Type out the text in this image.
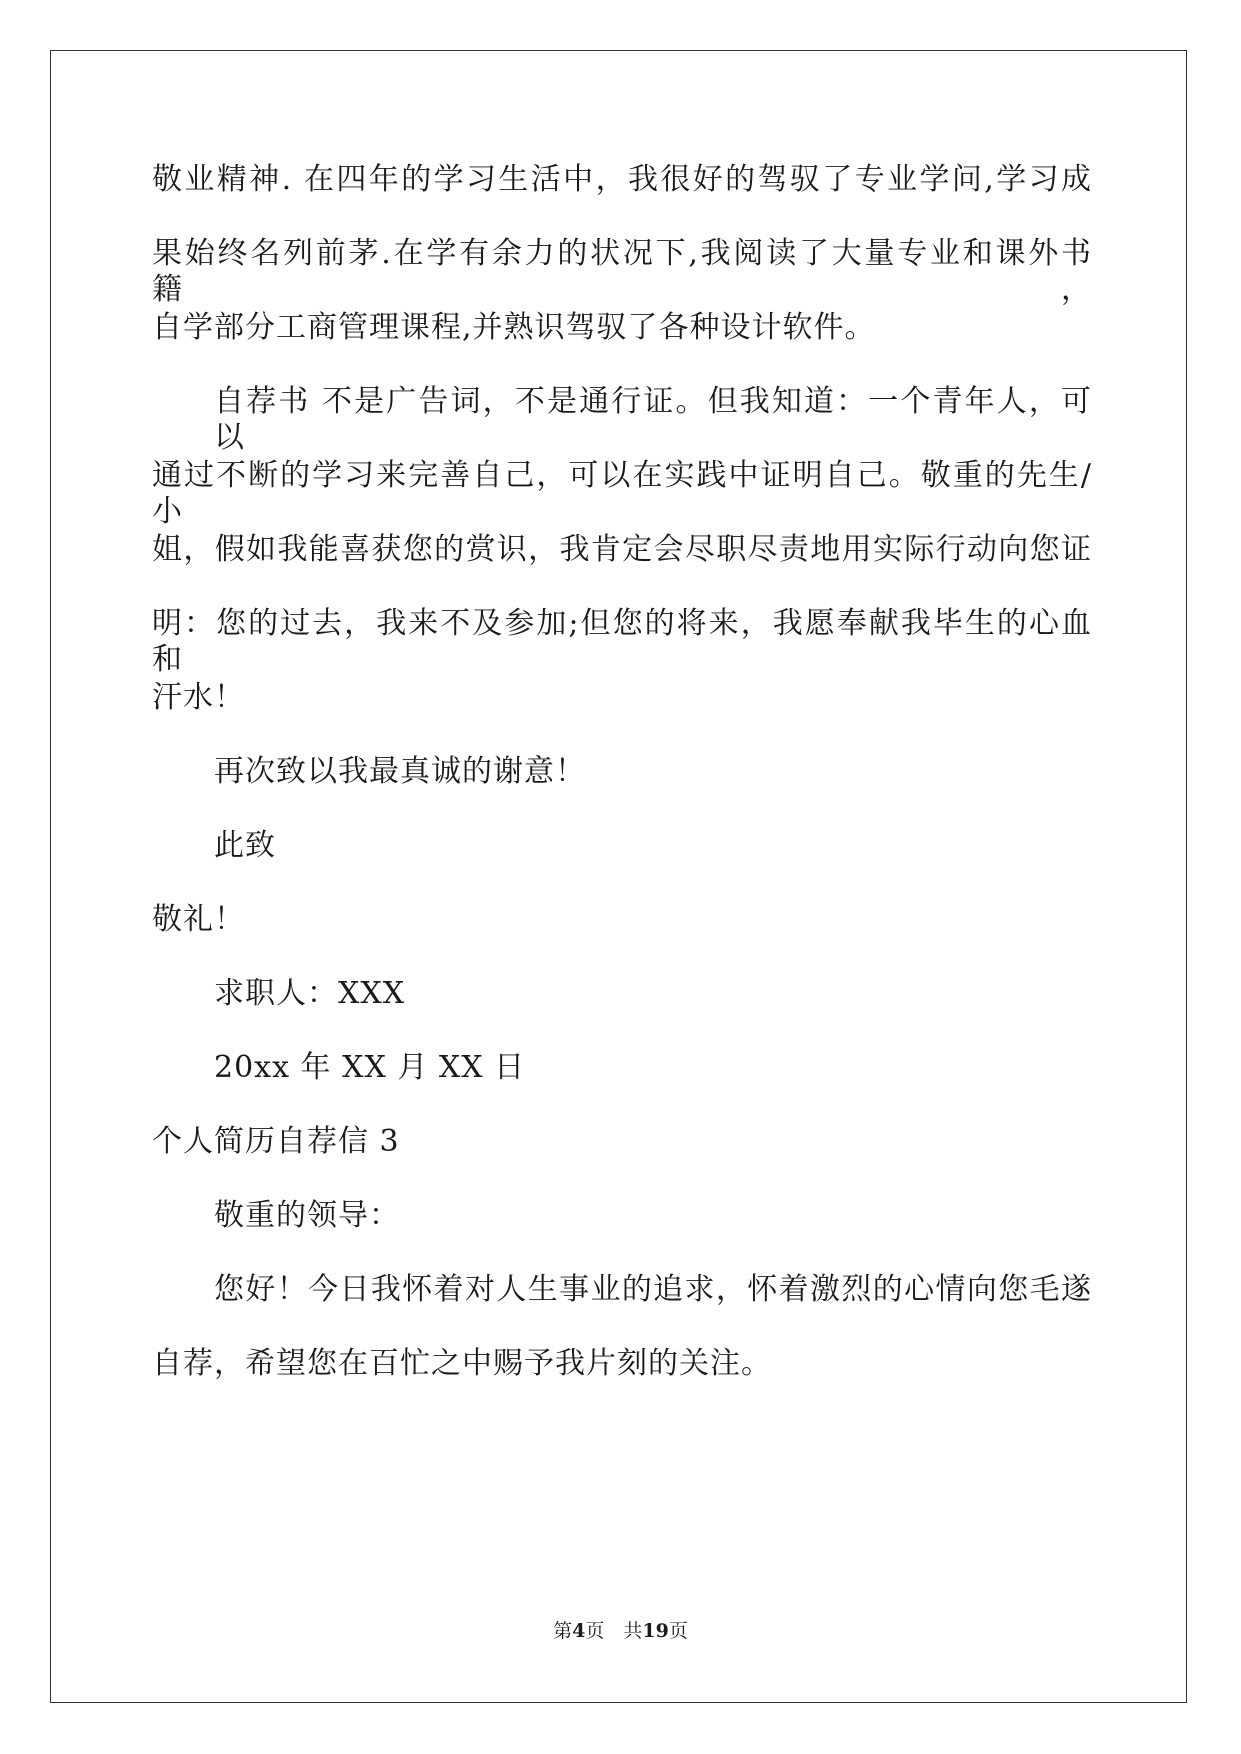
敬业精神. 在四年的学习生活中，我很好的驾驭了专业学问,学习成
果始终名列前茅.在学有余力的状况下,我阅读了大量专业和课外书籍，
自学部分工商管理课程,并熟识驾驭了各种设计软件。
自荐书 不是广告词，不是通行证。但我知道：一个青年人，可以
通过不断的学习来完善自己，可以在实践中证明自己。敬重的先生/小
姐，假如我能喜获您的赏识，我肯定会尽职尽责地用实际行动向您证
明：您的过去，我来不及参加;但您的将来，我愿奉献我毕生的心血和
汗水！
再次致以我最真诚的谢意！
此致
敬礼！
求职人：XXX
20xx 年 XX 月 XX 日
个人简历自荐信 3
敬重的领导：
您好！今日我怀着对人生事业的追求，怀着激烈的心情向您毛遂
自荐，希望您在百忙之中赐予我片刻的关注。
第4页　共19页
